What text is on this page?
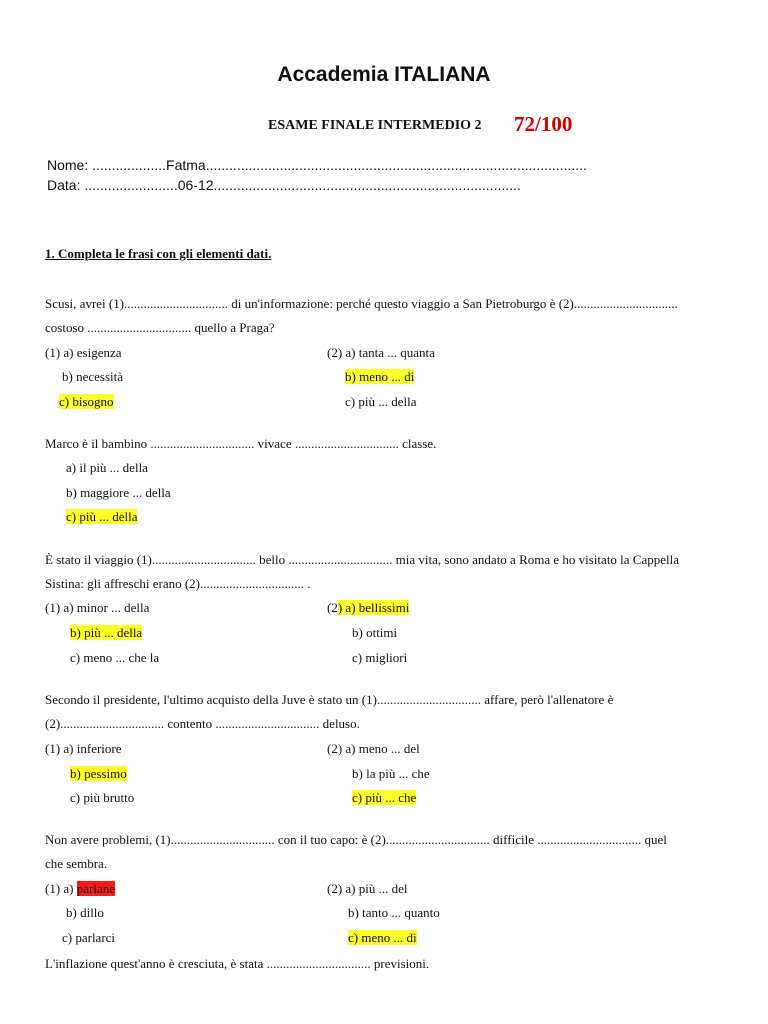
Accademia ITALIANA
ESAME FINALE INTERMEDIO 2 72/100
Nome: ...................Fatma..................................................................................................
Data: ........................06-12...............................................................................
1. Completa le frasi con gli elementi dati.
Scusi, avrei (1)................................ di un'informazione: perché questo viaggio a San Pietroburgo è (2)................................
costoso ................................ quello a Praga?
(1) a) esigenza
b) necessità
c) bisogno
(2) a) tanta ... quanta
b) meno ... di
c) più ... della
Marco è il bambino ................................ vivace ................................ classe.
a) il più ... della
b) maggiore ... della
c) più ... della
È stato il viaggio (1)................................ bello ................................ mia vita, sono andato a Roma e ho visitato la Cappella
Sistina: gli affreschi erano (2)................................ .
(1) a) minor ... della
b) più ... della
c) meno ... che la
(2) a) bellissimi
b) ottimi
c) migliori
Secondo il presidente, l'ultimo acquisto della Juve è stato un (1)................................ affare, però l'allenatore è
(2)................................ contento ................................ deluso.
(1) a) inferiore
b) pessimo
c) più brutto
(2) a) meno ... del
b) la più ... che
c) più ... che
Non avere problemi, (1)................................ con il tuo capo: è (2)................................ difficile ................................ quel
che sembra.
(1) a) parlane
b) dillo
c) parlarci
(2) a) più ... del
b) tanto ... quanto
c) meno ... di
L'inflazione quest'anno è cresciuta, è stata ................................ previsioni.
